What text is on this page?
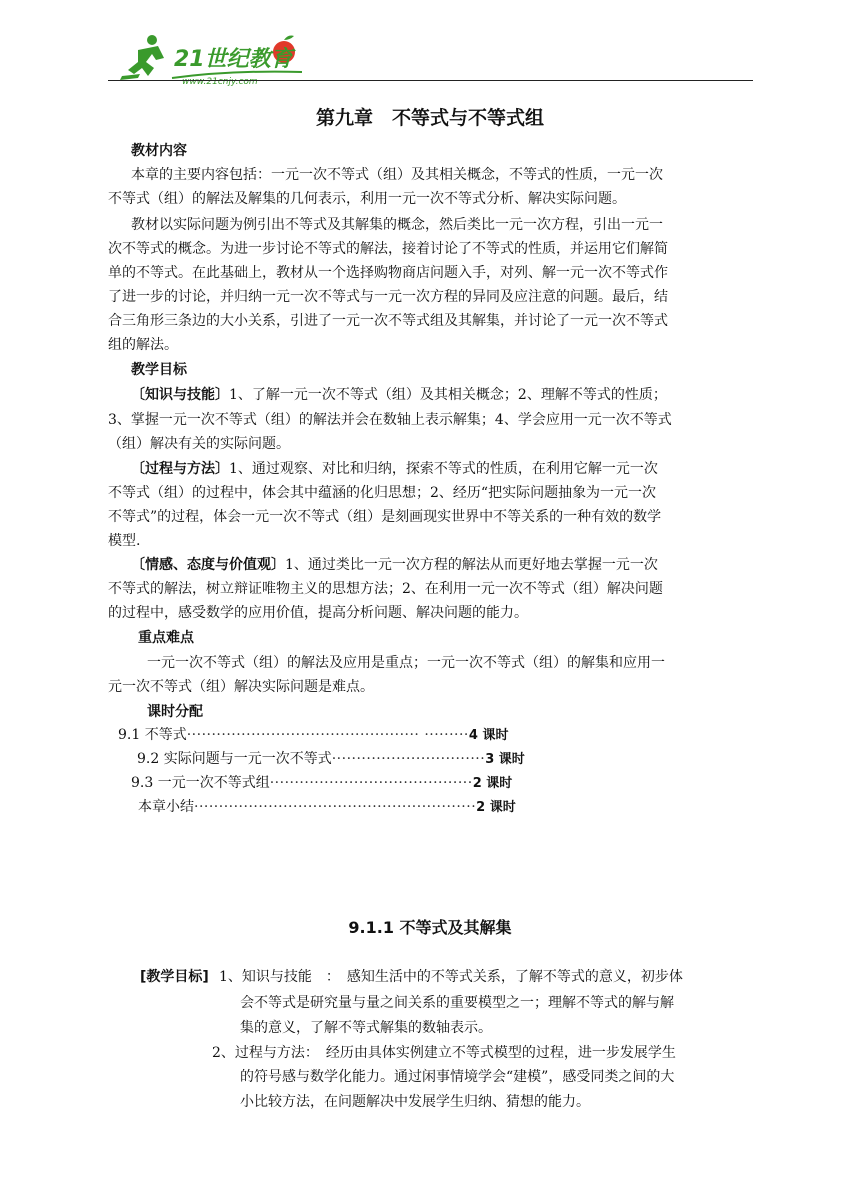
21世纪教育
www.21cnjy.com
第九章　不等式与不等式组
教材内容
本章的主要内容包括：一元一次不等式（组）及其相关概念，不等式的性质，一元一次
不等式（组）的解法及解集的几何表示，利用一元一次不等式分析、解决实际问题。
教材以实际问题为例引出不等式及其解集的概念，然后类比一元一次方程，引出一元一
次不等式的概念。为进一步讨论不等式的解法，接着讨论了不等式的性质，并运用它们解简
单的不等式。在此基础上，教材从一个选择购物商店问题入手，对列、解一元一次不等式作
了进一步的讨论，并归纳一元一次不等式与一元一次方程的异同及应注意的问题。最后，结
合三角形三条边的大小关系，引进了一元一次不等式组及其解集，并讨论了一元一次不等式
组的解法。
教学目标
〔知识与技能〕1、了解一元一次不等式（组）及其相关概念；2、理解不等式的性质；
3、掌握一元一次不等式（组）的解法并会在数轴上表示解集；4、学会应用一元一次不等式
（组）解决有关的实际问题。
〔过程与方法〕1、通过观察、对比和归纳，探索不等式的性质，在利用它解一元一次
不等式（组）的过程中，体会其中蕴涵的化归思想；2、经历“把实际问题抽象为一元一次
不等式”的过程，体会一元一次不等式（组）是刻画现实世界中不等关系的一种有效的数学
模型.
〔情感、态度与价值观〕1、通过类比一元一次方程的解法从而更好地去掌握一元一次
不等式的解法，树立辩证唯物主义的思想方法；2、在利用一元一次不等式（组）解决问题
的过程中，感受数学的应用价值，提高分析问题、解决问题的能力。
重点难点
一元一次不等式（组）的解法及应用是重点；一元一次不等式（组）的解集和应用一
元一次不等式（组）解决实际问题是难点。
课时分配
9.1 不等式 ··············································· ········· 4 课时
9.2 实际问题与一元一次不等式 ······························· 3 课时
9.3 一元一次不等式组 ········································· 2 课时
本章小结 ························································· 2 课时
9.1.1 不等式及其解集
[教学目标] 1、知识与技能　：　感知生活中的不等式关系，了解不等式的意义，初步体
会不等式是研究量与量之间关系的重要模型之一；理解不等式的解与解
集的意义，了解不等式解集的数轴表示。
2、过程与方法：　经历由具体实例建立不等式模型的过程，进一步发展学生
的符号感与数学化能力。通过闲事情境学会“建模”，感受同类之间的大
小比较方法，在问题解决中发展学生归纳、猜想的能力。
